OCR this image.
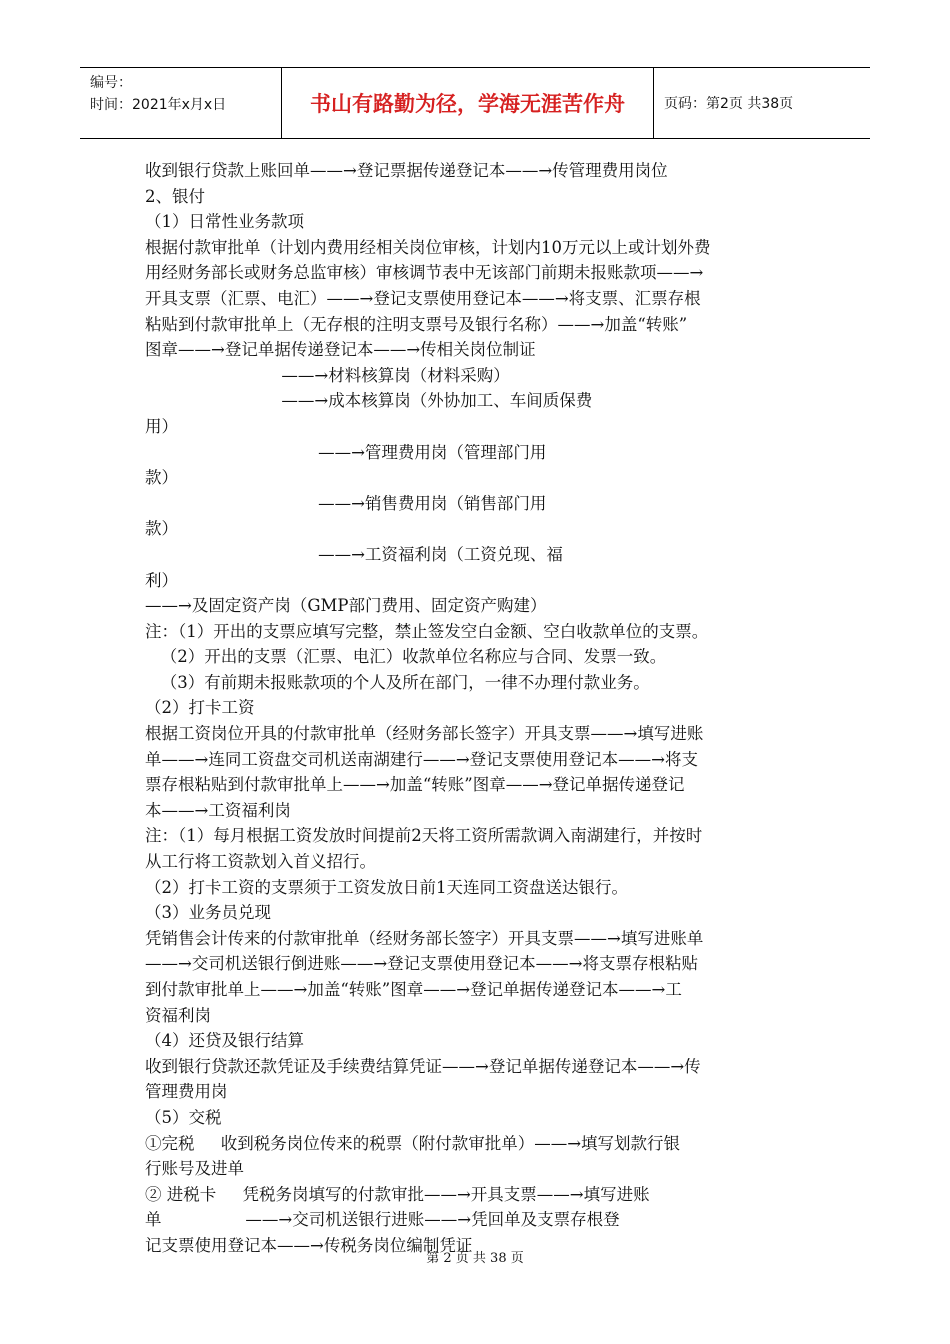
编号：
时间：2021年x月x日	书山有路勤为径，学海无涯苦作舟	页码：第2页 共38页
收到银行贷款上账回单——→登记票据传递登记本——→传管理费用岗位
2、银付
（1）日常性业务款项
根据付款审批单（计划内费用经相关岗位审核，计划内10万元以上或计划外费
用经财务部长或财务总监审核）审核调节表中无该部门前期未报账款项——→
开具支票（汇票、电汇）——→登记支票使用登记本——→将支票、汇票存根
粘贴到付款审批单上（无存根的注明支票号及银行名称）——→加盖“转账”
图章——→登记单据传递登记本——→传相关岗位制证
——→材料核算岗（材料采购）
——→成本核算岗（外协加工、车间质保费
用）
——→管理费用岗（管理部门用
款）
——→销售费用岗（销售部门用
款）
——→工资福利岗（工资兑现、福
利）
——→及固定资产岗（GMP部门费用、固定资产购建）
注：（1）开出的支票应填写完整，禁止签发空白金额、空白收款单位的支票。
（2）开出的支票（汇票、电汇）收款单位名称应与合同、发票一致。
（3）有前期未报账款项的个人及所在部门，一律不办理付款业务。
（2）打卡工资
根据工资岗位开具的付款审批单（经财务部长签字）开具支票——→填写进账
单——→连同工资盘交司机送南湖建行——→登记支票使用登记本——→将支
票存根粘贴到付款审批单上——→加盖“转账”图章——→登记单据传递登记
本——→工资福利岗
注：（1）每月根据工资发放时间提前2天将工资所需款调入南湖建行，并按时
从工行将工资款划入首义招行。
（2）打卡工资的支票须于工资发放日前1天连同工资盘送达银行。
（3）业务员兑现
凭销售会计传来的付款审批单（经财务部长签字）开具支票——→填写进账单
——→交司机送银行倒进账——→登记支票使用登记本——→将支票存根粘贴
到付款审批单上——→加盖“转账”图章——→登记单据传递登记本——→工
资福利岗
（4）还贷及银行结算
收到银行贷款还款凭证及手续费结算凭证——→登记单据传递登记本——→传
管理费用岗
（5）交税
①完税     收到税务岗位传来的税票（附付款审批单）——→填写划款行银
行账号及进单
② 进税卡     凭税务岗填写的付款审批——→开具支票——→填写进账
单                ——→交司机送银行进账——→凭回单及支票存根登
记支票使用登记本——→传税务岗位编制凭证
第 2 页 共 38 页
